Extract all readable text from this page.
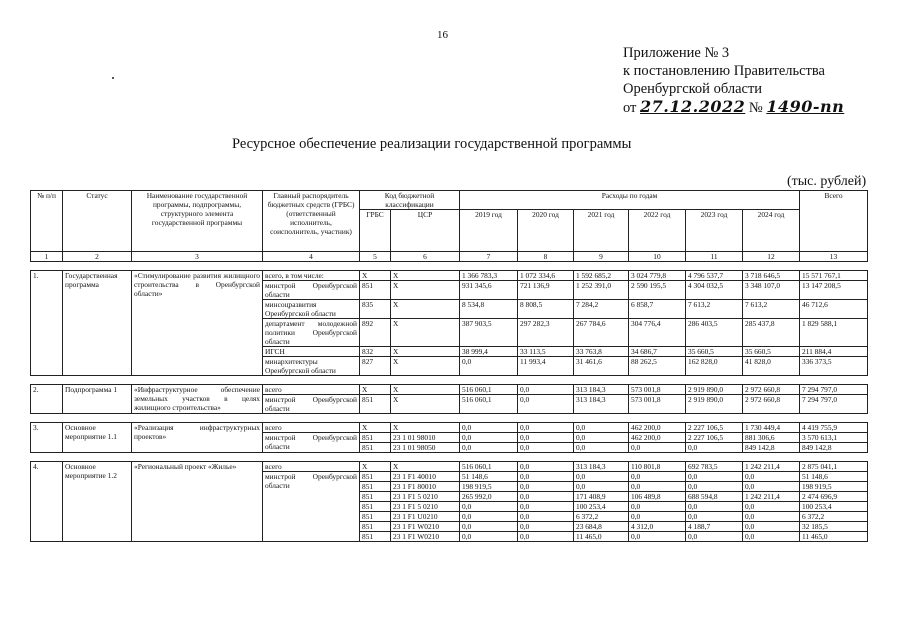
16
Приложение № 3
к постановлению Правительства
Оренбургской области
от 27.12.2022 № 1490-пп
Ресурсное обеспечение реализации государственной программы
(тыс. рублей)
№ п/п	Статус	Наименование государственной программы, подпрограммы, структурного элемента государственной программы	Главный распорядитель бюджетных средств (ГРБС) (ответственный исполнитель, соисполнитель, участник)	Код бюджетной классификации		Расходы по годам						Всего
				ГРБС	ЦСР	2019 год	2020 год	2021 год	2022 год	2023 год	2024 год	
1	2	3	4	5	6	7	8	9	10	11	12	13

1.	Государственная программа	«Стимулирование развития жилищного строительства в Оренбургской области»	всего, в том числе:	X	X	1 366 783,3	1 072 334,6	1 592 685,2	3 024 779,8	4 796 537,7	3 718 646,5	15 571 767,1
			минстрой Оренбургской области	851	X	931 345,6	721 136,9	1 252 391,0	2 590 195,5	4 304 032,5	3 348 107,0	13 147 208,5
			минсоцразвития Оренбургской области	835	X	8 534,8	8 808,5	7 284,2	6 858,7	7 613,2	7 613,2	46 712,6
			департамент молодежной политики Оренбургской области	892	X	387 903,5	297 282,3	267 784,6	304 776,4	286 403,5	285 437,8	1 829 588,1
			ИГСН	832	X	38 999,4	33 113,5	33 763,8	34 686,7	35 660,5	35 660,5	211 884,4
			минархитектуры Оренбургской области	827	X	0,0	11 993,4	31 461,6	88 262,5	162 828,0	41 828,0	336 373,5

2.	Подпрограмма 1	«Инфраструктурное обеспечение земельных участков в целях жилищного строительства»	всего	X	X	516 060,1	0,0	313 184,3	573 001,8	2 919 890,0	2 972 660,8	7 294 797,0
			минстрой Оренбургской области	851	X	516 060,1	0,0	313 184,3	573 001,8	2 919 890,0	2 972 660,8	7 294 797,0

3.	Основное мероприятие 1.1	«Реализация инфраструктурных проектов»	всего	X	X	0,0	0,0	0,0	462 200,0	2 227 106,5	1 730 449,4	4 419 755,9
			минстрой Оренбургской области	851	23 1 01 98010	0,0	0,0	0,0	462 200,0	2 227 106,5	881 306,6	3 570 613,1
				851	23 1 01 98050	0,0	0,0	0,0	0,0	0,0	849 142,8	849 142,8

4.	Основное мероприятие 1.2	«Региональный проект «Жилье»	всего	X	X	516 060,1	0,0	313 184,3	110 801,8	692 783,5	1 242 211,4	2 875 041,1
			минстрой Оренбургской области	851	23 1 F1 40010	51 148,6	0,0	0,0	0,0	0,0	0,0	51 148,6
				851	23 1 F1 80010	198 919,5	0,0	0,0	0,0	0,0	0,0	198 919,5
				851	23 1 F1 5 0210	265 992,0	0,0	171 408,9	106 489,8	688 594,8	1 242 211,4	2 474 696,9
				851	23 1 F1 5 0210	0,0	0,0	100 253,4	0,0	0,0	0,0	100 253,4
				851	23 1 F1 U0210	0,0	0,0	6 372,2	0,0	0,0	0,0	6 372,2
				851	23 1 F1 W0210	0,0	0,0	23 684,8	4 312,0	4 188,7	0,0	32 185,5
				851	23 1 F1 W0210	0,0	0,0	11 465,0	0,0	0,0	0,0	11 465,0
